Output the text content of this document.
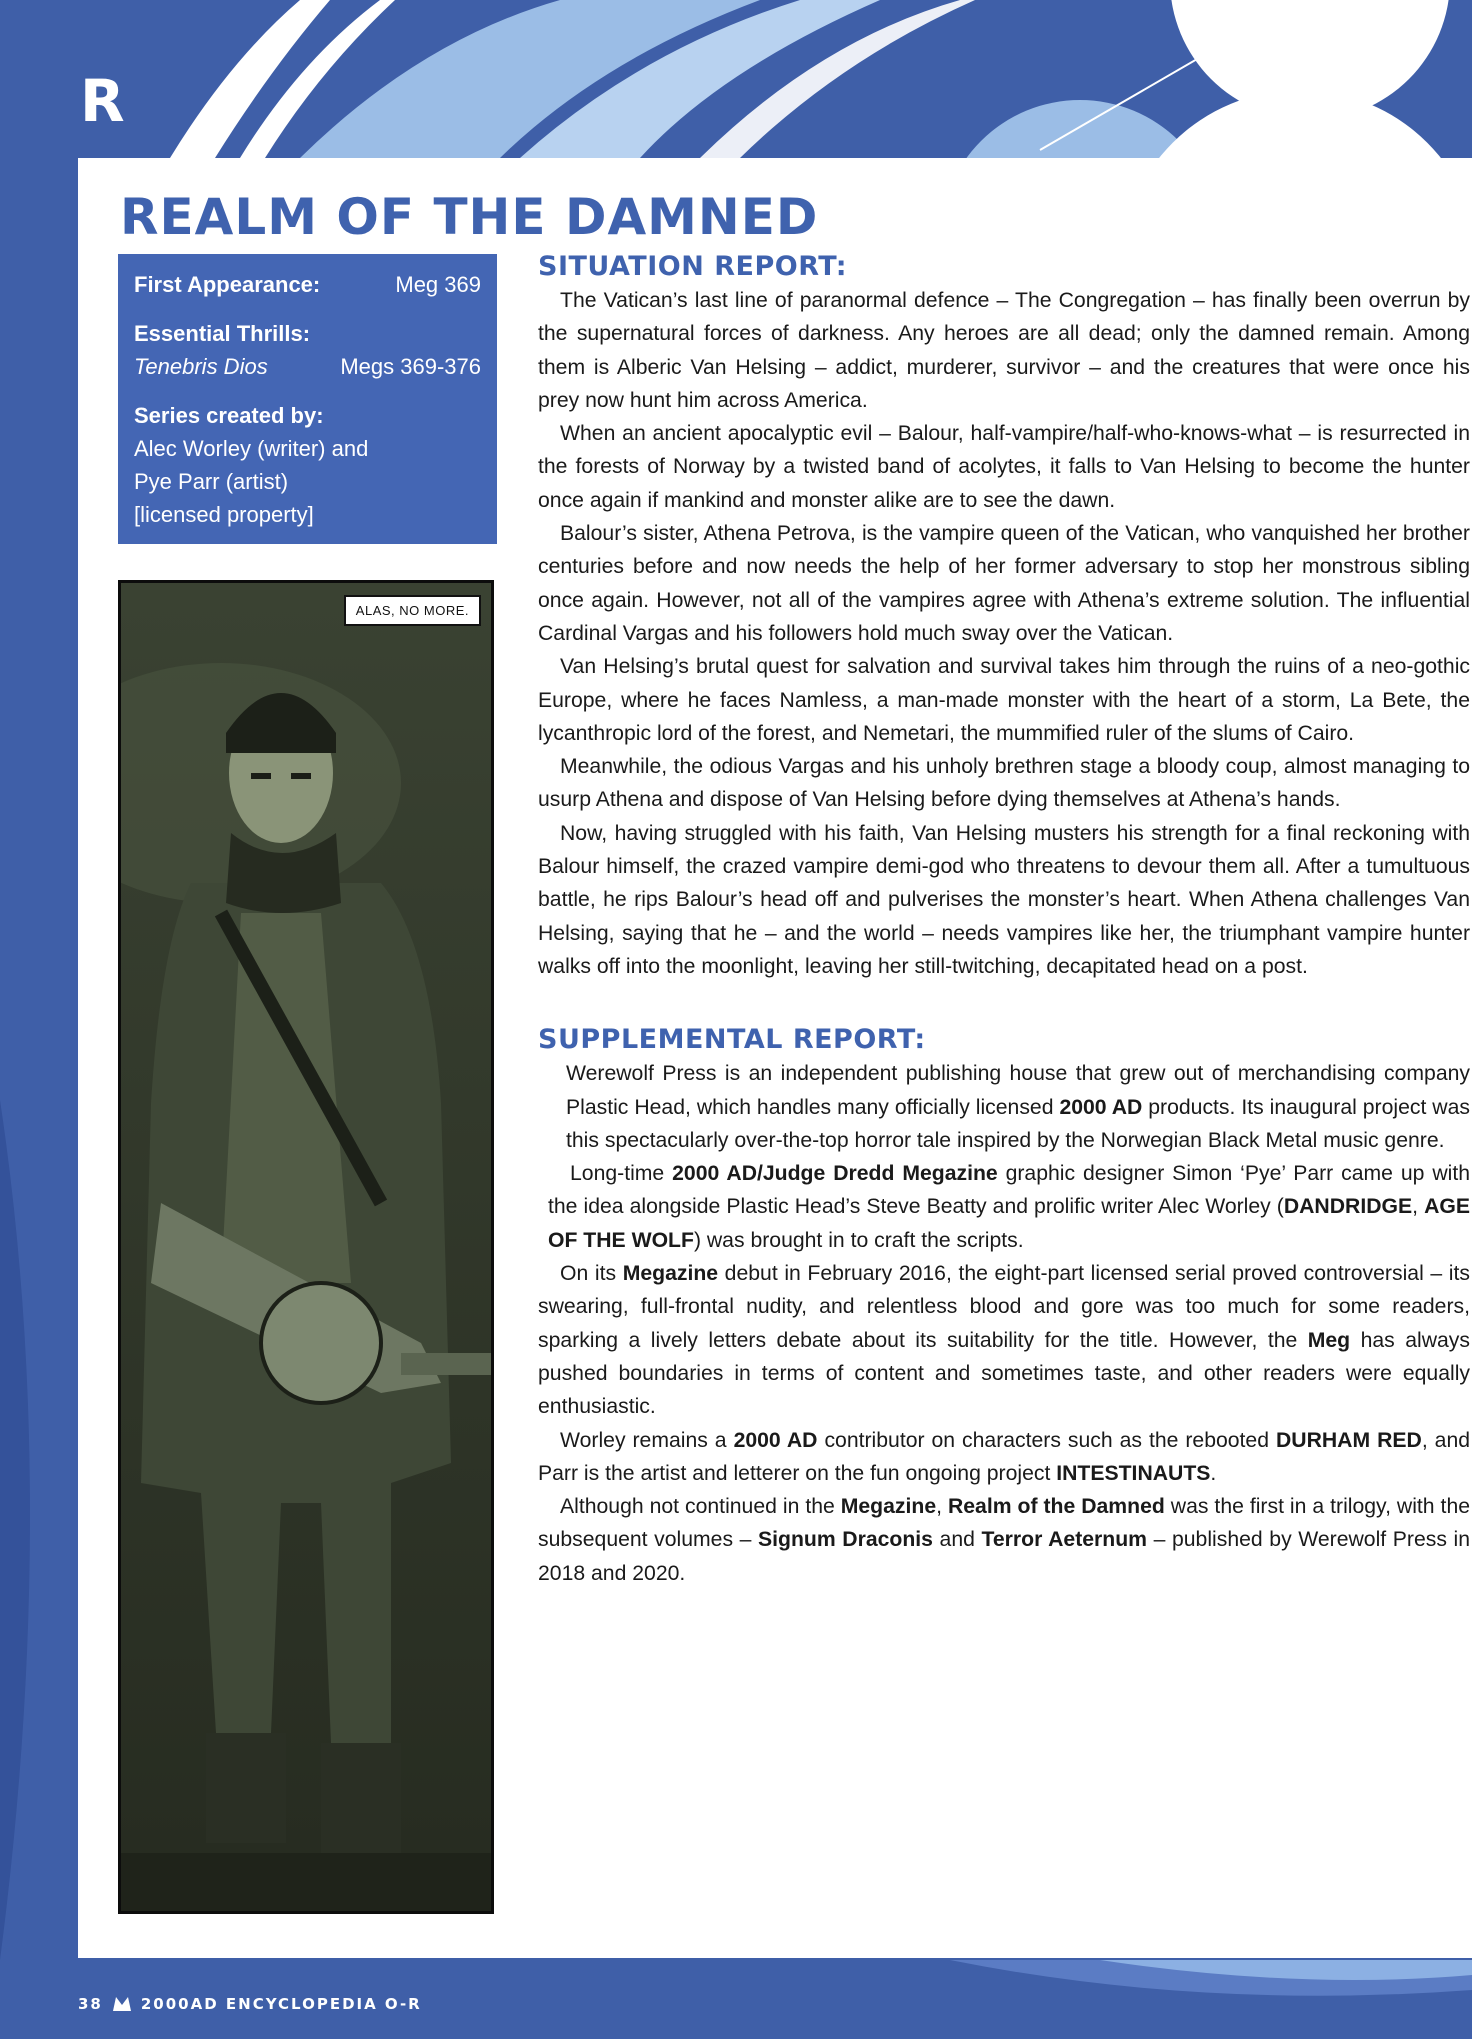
R
REALM OF THE DAMNED
First Appearance:	Meg 369
Essential Thrills:
Tenebris Dios	Megs 369-376
Series created by:
Alec Worley (writer) and
Pye Parr (artist)
[licensed property]
ALAS, NO MORE.
SITUATION REPORT:

The Vatican’s last line of paranormal defence – The Congregation – has finally been overrun by the supernatural forces of darkness. Any heroes are all dead; only the damned remain. Among them is Alberic Van Helsing – addict, murderer, survivor – and the creatures that were once his prey now hunt him across America.

When an ancient apocalyptic evil – Balour, half-vampire/half-who-knows-what – is resurrected in the forests of Norway by a twisted band of acolytes, it falls to Van Helsing to become the hunter once again if mankind and monster alike are to see the dawn.

Balour’s sister, Athena Petrova, is the vampire queen of the Vatican, who vanquished her brother centuries before and now needs the help of her former adversary to stop her monstrous sibling once again. However, not all of the vampires agree with Athena’s extreme solution. The influential Cardinal Vargas and his followers hold much sway over the Vatican.

Van Helsing’s brutal quest for salvation and survival takes him through the ruins of a neo-gothic Europe, where he faces Namless, a man-made monster with the heart of a storm, La Bete, the lycanthropic lord of the forest, and Nemetari, the mummified ruler of the slums of Cairo.

Meanwhile, the odious Vargas and his unholy brethren stage a bloody coup, almost managing to usurp Athena and dispose of Van Helsing before dying themselves at Athena’s hands.

Now, having struggled with his faith, Van Helsing musters his strength for a final reckoning with Balour himself, the crazed vampire demi-god who threatens to devour them all. After a tumultuous battle, he rips Balour’s head off and pulverises the monster’s heart. When Athena challenges Van Helsing, saying that he – and the world – needs vampires like her, the triumphant vampire hunter walks off into the moonlight, leaving her still-twitching, decapitated head on a post.

SUPPLEMENTAL REPORT:

Werewolf Press is an independent publishing house that grew out of merchandising company Plastic Head, which handles many officially licensed 2000 AD products. Its inaugural project was this spectacularly over-the-top horror tale inspired by the Norwegian Black Metal music genre.

Long-time 2000 AD/Judge Dredd Megazine graphic designer Simon ‘Pye’ Parr came up with the idea alongside Plastic Head’s Steve Beatty and prolific writer Alec Worley (DANDRIDGE, AGE OF THE WOLF) was brought in to craft the scripts.

On its Megazine debut in February 2016, the eight-part licensed serial proved controversial – its swearing, full-frontal nudity, and relentless blood and gore was too much for some readers, sparking a lively letters debate about its suitability for the title. However, the Meg has always pushed boundaries in terms of content and sometimes taste, and other readers were equally enthusiastic.

Worley remains a 2000 AD contributor on characters such as the rebooted DURHAM RED, and Parr is the artist and letterer on the fun ongoing project INTESTINAUTS.

Although not continued in the Megazine, Realm of the Damned was the first in a trilogy, with the subsequent volumes – Signum Draconis and Terror Aeternum – published by Werewolf Press in 2018 and 2020.

38	2000AD ENCYCLOPEDIA O-R
